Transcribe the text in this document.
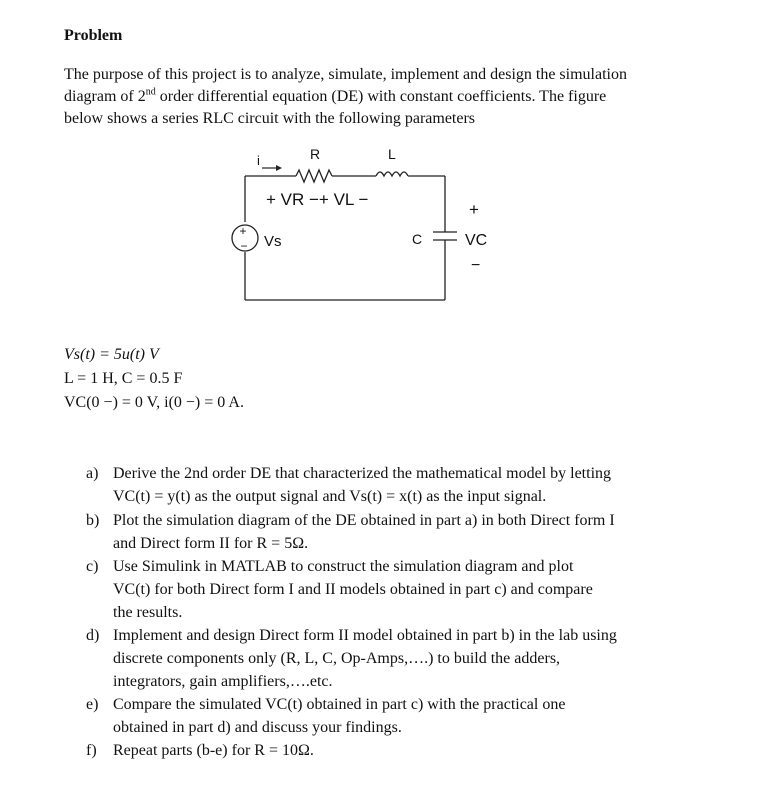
Problem
The purpose of this project is to analyze, simulate, implement and design the simulation
diagram of 2nd order differential equation (DE) with constant coefficients. The figure
below shows a series RLC circuit with the following parameters
i	R	L
+ VR −+ VL −
+
− Vs	C
+
VC
−
Vs(t) = 5u(t) V
L = 1 H, C = 0.5 F
VC(0 −) = 0 V, i(0 −) = 0 A.
a) Derive the 2nd order DE that characterized the mathematical model by letting
VC(t) = y(t) as the output signal and Vs(t) = x(t) as the input signal.
b) Plot the simulation diagram of the DE obtained in part a) in both Direct form I
and Direct form II for R = 5Ω.
c) Use Simulink in MATLAB to construct the simulation diagram and plot
VC(t) for both Direct form I and II models obtained in part c) and compare
the results.
d) Implement and design Direct form II model obtained in part b) in the lab using
discrete components only (R, L, C, Op-Amps,….) to build the adders,
integrators, gain amplifiers,….etc.
e) Compare the simulated VC(t) obtained in part c) with the practical one
obtained in part d) and discuss your findings.
f) Repeat parts (b-e) for R = 10Ω.
